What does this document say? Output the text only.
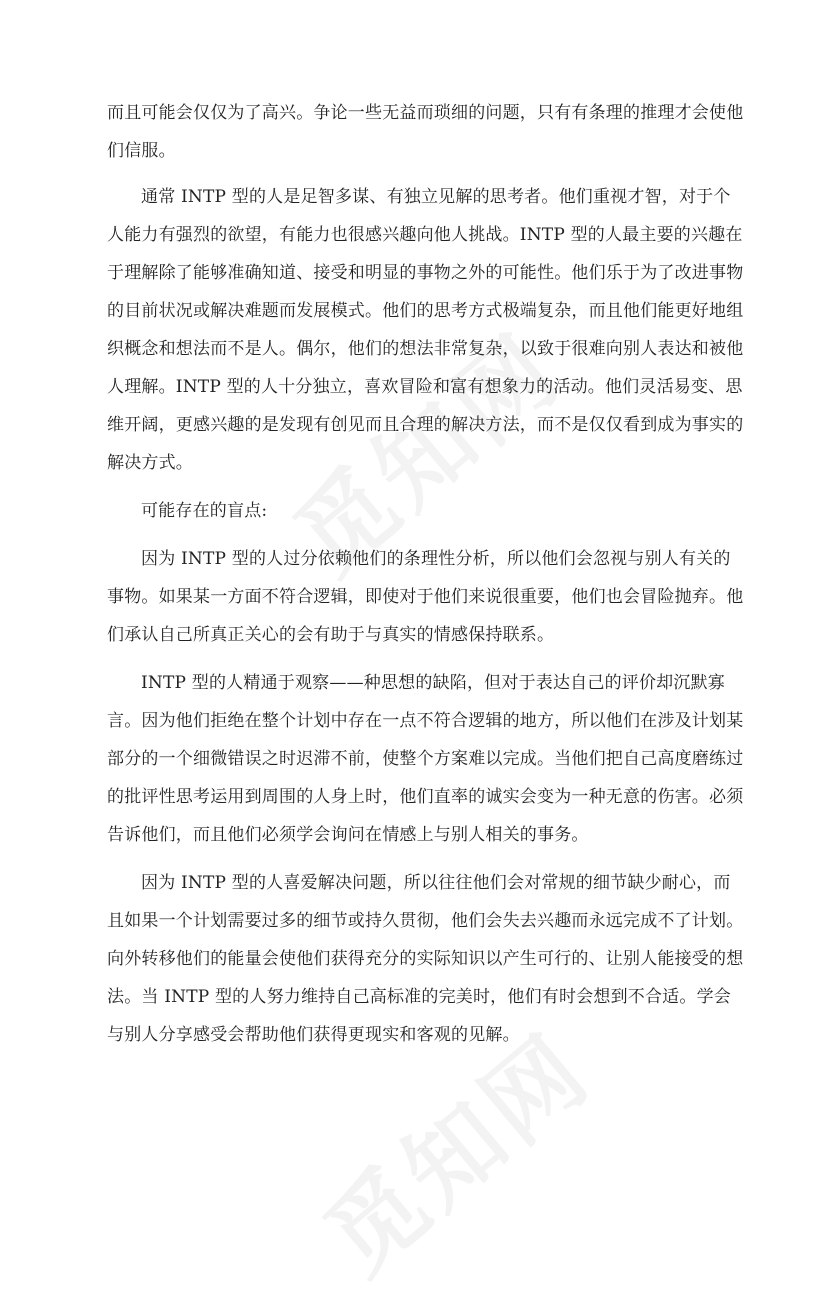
而且可能会仅仅为了高兴。争论一些无益而琐细的问题，只有有条理的推理才会使他们信服。

通常 INTP 型的人是足智多谋、有独立见解的思考者。他们重视才智，对于个人能力有强烈的欲望，有能力也很感兴趣向他人挑战。INTP 型的人最主要的兴趣在于理解除了能够准确知道、接受和明显的事物之外的可能性。他们乐于为了改进事物的目前状况或解决难题而发展模式。他们的思考方式极端复杂，而且他们能更好地组织概念和想法而不是人。偶尔，他们的想法非常复杂，以致于很难向别人表达和被他人理解。INTP 型的人十分独立，喜欢冒险和富有想象力的活动。他们灵活易变、思维开阔，更感兴趣的是发现有创见而且合理的解决方法，而不是仅仅看到成为事实的解决方式。

可能存在的盲点:

因为 INTP 型的人过分依赖他们的条理性分析，所以他们会忽视与别人有关的事物。如果某一方面不符合逻辑，即使对于他们来说很重要，他们也会冒险抛弃。他们承认自己所真正关心的会有助于与真实的情感保持联系。

INTP 型的人精通于观察——种思想的缺陷，但对于表达自己的评价却沉默寡言。因为他们拒绝在整个计划中存在一点不符合逻辑的地方，所以他们在涉及计划某部分的一个细微错误之时迟滞不前，使整个方案难以完成。当他们把自己高度磨练过的批评性思考运用到周围的人身上时，他们直率的诚实会变为一种无意的伤害。必须告诉他们，而且他们必须学会询问在情感上与别人相关的事务。

因为 INTP 型的人喜爱解决问题，所以往往他们会对常规的细节缺少耐心，而且如果一个计划需要过多的细节或持久贯彻，他们会失去兴趣而永远完成不了计划。向外转移他们的能量会使他们获得充分的实际知识以产生可行的、让别人能接受的想法。当 INTP 型的人努力维持自己高标准的完美时，他们有时会想到不合适。学会与别人分享感受会帮助他们获得更现实和客观的见解。
